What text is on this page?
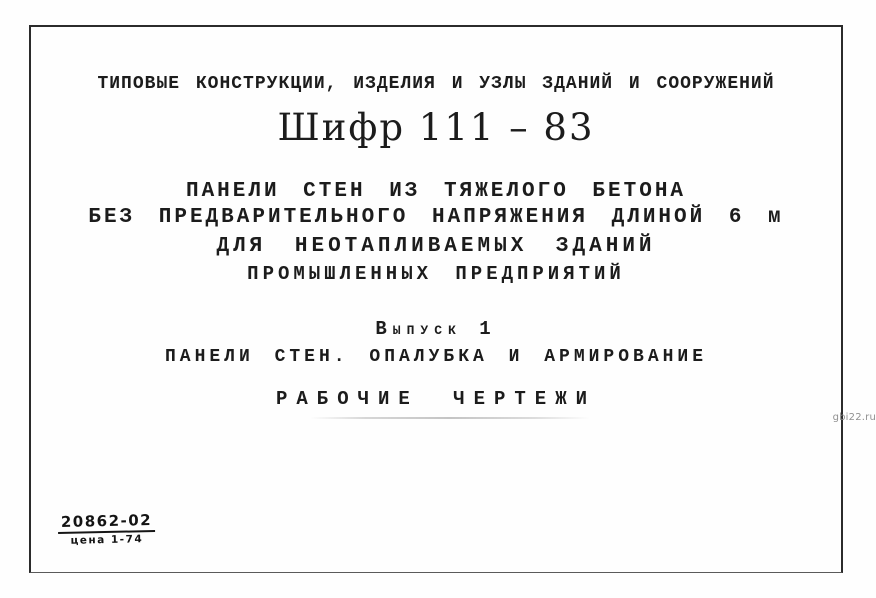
ТИПОВЫЕ КОНСТРУКЦИИ, ИЗДЕЛИЯ И УЗЛЫ ЗДАНИЙ И СООРУЖЕНИЙ
Шифр 111 – 83
ПАНЕЛИ СТЕН ИЗ ТЯЖЕЛОГО БЕТОНА
БЕЗ ПРЕДВАРИТЕЛЬНОГО НАПРЯЖЕНИЯ ДЛИНОЙ 6 м
ДЛЯ НЕОТАПЛИВАЕМЫХ ЗДАНИЙ
ПРОМЫШЛЕННЫХ ПРЕДПРИЯТИЙ
Выпуск 1
ПАНЕЛИ СТЕН. ОПАЛУБКА И АРМИРОВАНИЕ
РАБОЧИЕ ЧЕРТЕЖИ
20862-02
цена 1-74
gbi22.ru
